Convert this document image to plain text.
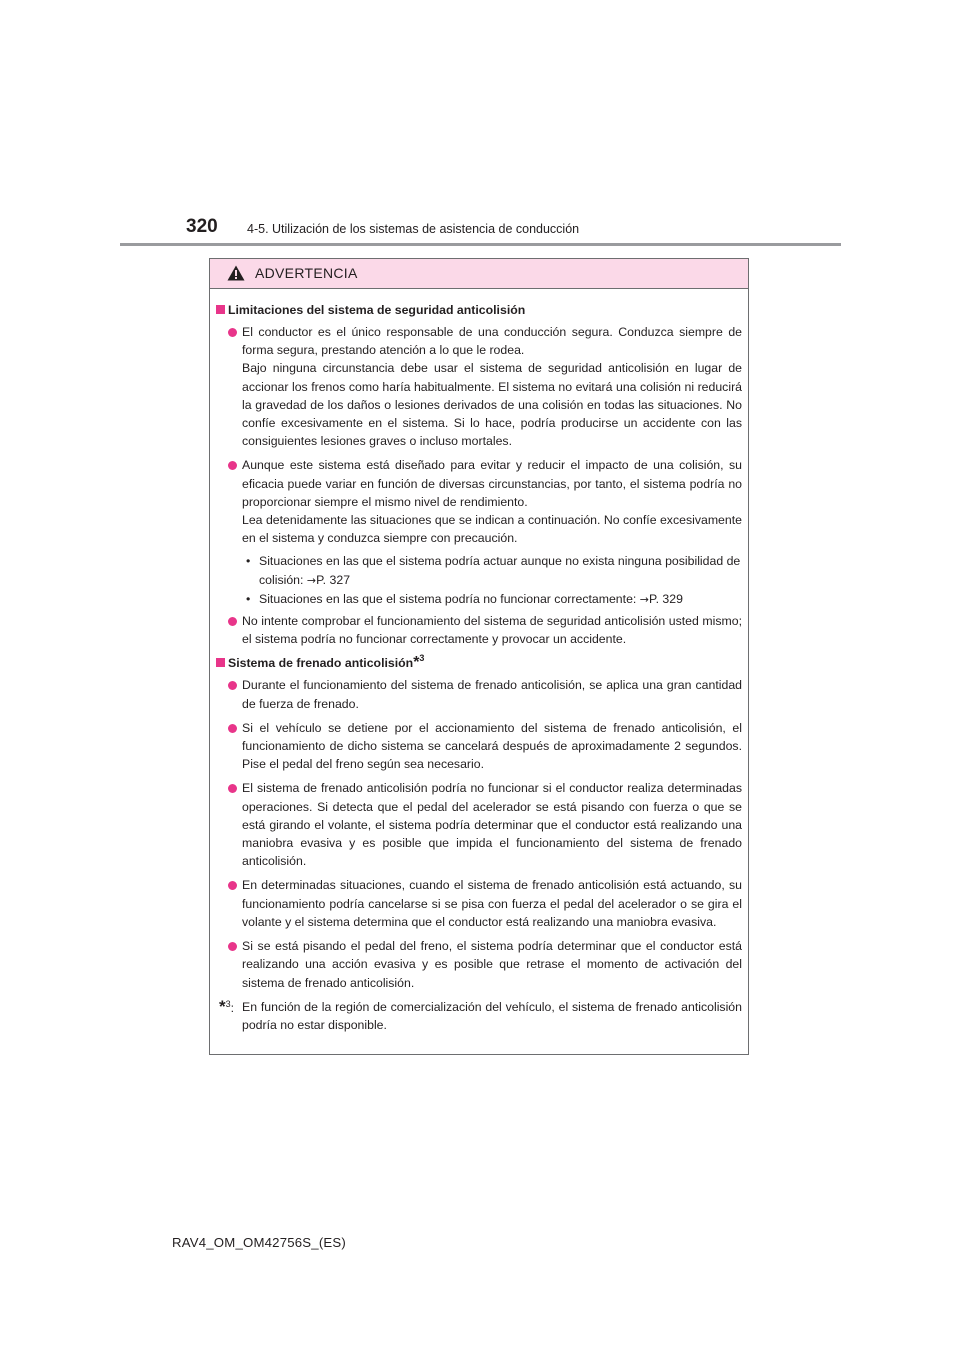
320 4-5. Utilización de los sistemas de asistencia de conducción
ADVERTENCIA
Limitaciones del sistema de seguridad anticolisión
El conductor es el único responsable de una conducción segura. Conduzca siempre de forma segura, prestando atención a lo que le rodea.
Bajo ninguna circunstancia debe usar el sistema de seguridad anticolisión en lugar de accionar los frenos como haría habitualmente. El sistema no evitará una colisión ni reducirá la gravedad de los daños o lesiones derivados de una colisión en todas las situaciones. No confíe excesivamente en el sistema. Si lo hace, podría producirse un accidente con las consiguientes lesiones graves o incluso mortales.
Aunque este sistema está diseñado para evitar y reducir el impacto de una colisión, su eficacia puede variar en función de diversas circunstancias, por tanto, el sistema podría no proporcionar siempre el mismo nivel de rendimiento.
Lea detenidamente las situaciones que se indican a continuación. No confíe excesivamente en el sistema y conduzca siempre con precaución.
• Situaciones en las que el sistema podría actuar aunque no exista ninguna posibilidad de colisión: →P. 327
• Situaciones en las que el sistema podría no funcionar correctamente: →P. 329
No intente comprobar el funcionamiento del sistema de seguridad anticolisión usted mismo; el sistema podría no funcionar correctamente y provocar un accidente.
Sistema de frenado anticolisión*$^3$
Durante el funcionamiento del sistema de frenado anticolisión, se aplica una gran cantidad de fuerza de frenado.
Si el vehículo se detiene por el accionamiento del sistema de frenado anticolisión, el funcionamiento de dicho sistema se cancelará después de aproximadamente 2 segundos. Pise el pedal del freno según sea necesario.
El sistema de frenado anticolisión podría no funcionar si el conductor realiza determinadas operaciones. Si detecta que el pedal del acelerador se está pisando con fuerza o que se está girando el volante, el sistema podría determinar que el conductor está realizando una maniobra evasiva y es posible que impida el funcionamiento del sistema de frenado anticolisión.
En determinadas situaciones, cuando el sistema de frenado anticolisión está actuando, su funcionamiento podría cancelarse si se pisa con fuerza el pedal del acelerador o se gira el volante y el sistema determina que el conductor está realizando una maniobra evasiva.
Si se está pisando el pedal del freno, el sistema podría determinar que el conductor está realizando una acción evasiva y es posible que retrase el momento de activación del sistema de frenado anticolisión.
*$^3$: En función de la región de comercialización del vehículo, el sistema de frenado anticolisión podría no estar disponible.
RAV4_OM_OM42756S_(ES)
